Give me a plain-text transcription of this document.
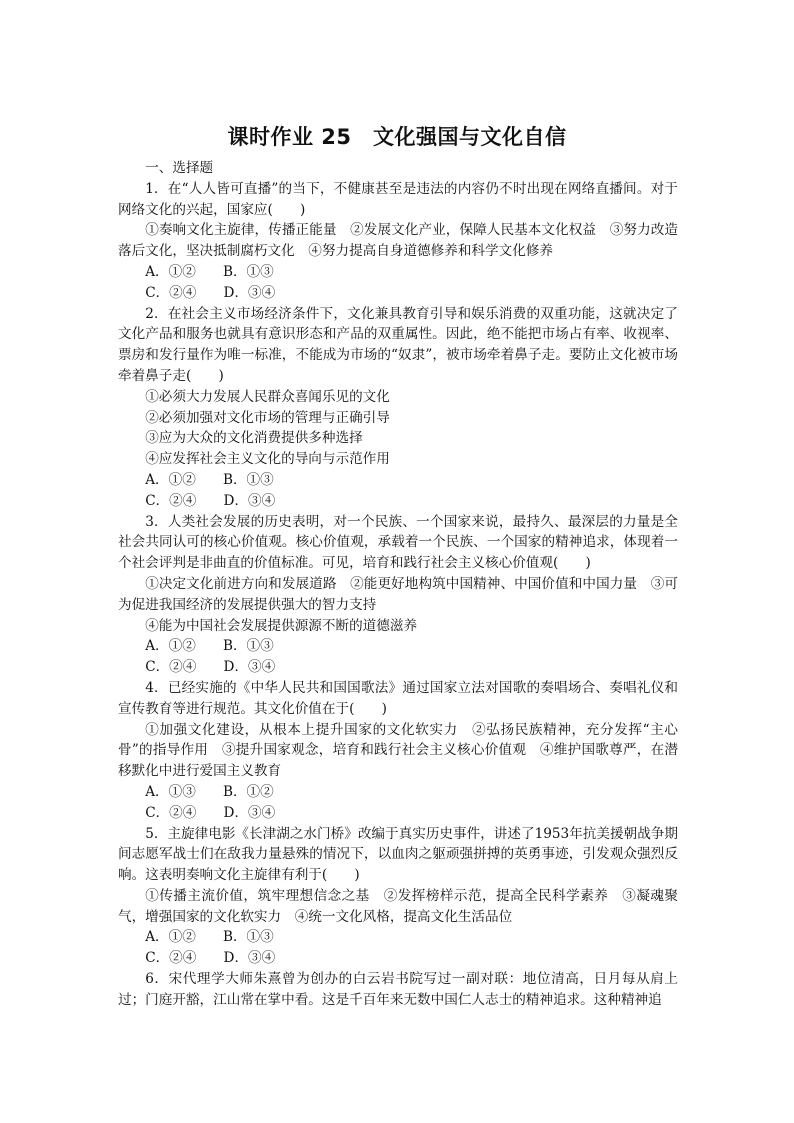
课时作业 25　文化强国与文化自信

一、选择题

1．在“人人皆可直播”的当下，不健康甚至是违法的内容仍不时出现在网络直播间。对于网络文化的兴起，国家应(　　)

①奏响文化主旋律，传播正能量　②发展文化产业，保障人民基本文化权益　③努力改造落后文化，坚决抵制腐朽文化　④努力提高自身道德修养和科学文化修养

A．①②　　B．①③

C．②④　　D．③④

2．在社会主义市场经济条件下，文化兼具教育引导和娱乐消费的双重功能，这就决定了文化产品和服务也就具有意识形态和产品的双重属性。因此，绝不能把市场占有率、收视率、票房和发行量作为唯一标准，不能成为市场的“奴隶”，被市场牵着鼻子走。要防止文化被市场牵着鼻子走(　　)

①必须大力发展人民群众喜闻乐见的文化

②必须加强对文化市场的管理与正确引导

③应为大众的文化消费提供多种选择

④应发挥社会主义文化的导向与示范作用

A．①②　　B．①③

C．②④　　D．③④

3．人类社会发展的历史表明，对一个民族、一个国家来说，最持久、最深层的力量是全社会共同认可的核心价值观。核心价值观，承载着一个民族、一个国家的精神追求，体现着一个社会评判是非曲直的价值标准。可见，培育和践行社会主义核心价值观(　　)

①决定文化前进方向和发展道路　②能更好地构筑中国精神、中国价值和中国力量　③可为促进我国经济的发展提供强大的智力支持

④能为中国社会发展提供源源不断的道德滋养

A．①②　　B．①③

C．②④　　D．③④

4．已经实施的《中华人民共和国国歌法》通过国家立法对国歌的奏唱场合、奏唱礼仪和宣传教育等进行规范。其文化价值在于(　　)

①加强文化建设，从根本上提升国家的文化软实力　②弘扬民族精神，充分发挥“主心骨”的指导作用　③提升国家观念，培育和践行社会主义核心价值观　④维护国歌尊严，在潜移默化中进行爱国主义教育

A．①③　　B．①②

C．②④　　D．③④

5．主旋律电影《长津湖之水门桥》改编于真实历史事件，讲述了1953年抗美援朝战争期间志愿军战士们在敌我力量悬殊的情况下，以血肉之躯顽强拼搏的英勇事迹，引发观众强烈反响。这表明奏响文化主旋律有利于(　　)

①传播主流价值，筑牢理想信念之基　②发挥榜样示范，提高全民科学素养　③凝魂聚气，增强国家的文化软实力　④统一文化风格，提高文化生活品位

A．①②　　B．①③

C．②④　　D．③④

6．宋代理学大师朱熹曾为创办的白云岩书院写过一副对联：地位清高，日月每从肩上过；门庭开豁，江山常在掌中看。这是千百年来无数中国仁人志士的精神追求。这种精神追
